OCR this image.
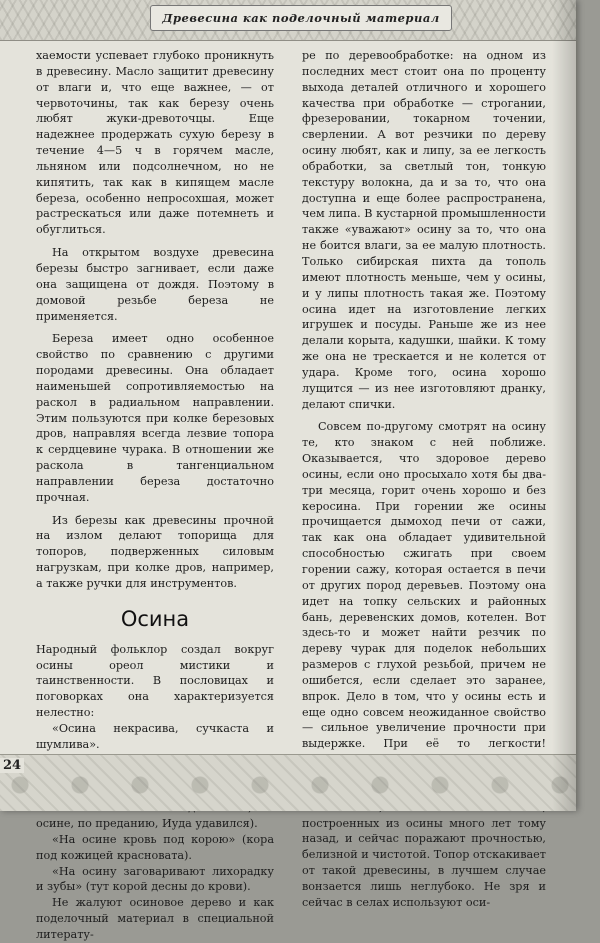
Древесина как поделочный материал

хаемости успевает глубоко проникнуть в древесину. Масло защитит древесину от влаги и, что еще важнее, — от червоточины, так как березу очень любят жуки-древоточцы. Еще надежнее продержать сухую березу в течение 4—5 ч в горячем масле, льняном или подсолнечном, но не кипятить, так как в кипящем масле береза, особенно непросохшая, может растрескаться или даже потемнеть и обуглиться.

На открытом воздухе древесина березы быстро загнивает, если даже она защищена от дождя. Поэтому в домовой резьбе береза не применяется.

Береза имеет одно особенное свойство по сравнению с другими породами древесины. Она обладает наименьшей сопротивляемостью на раскол в радиальном направлении. Этим пользуются при колке березовых дров, направляя всегда лезвие топора к сердцевине чурака. В отношении же раскола в тангенциальном направлении береза достаточно прочная.

Из березы как древесины прочной на излом делают топорища для топоров, подверженных силовым нагрузкам, при колке дров, например, а также ручки для инструментов.

Осина

Народный фольклор создал вокруг осины ореол мистики и таинственности. В пословицах и поговорках она характеризуется нелестно:

«Осина некрасива, сучкаста и шумлива».

осине, по преданию, Иуда удавился).

«На осине кровь под корою» (кора под кожицей красновата).

«На осину заговаривают лихорадку и зубы» (тут корой десны до крови).

Не жалуют осиновое дерево и как поделочный материал в специальной литерату-

ре по деревообработке: на одном из последних мест стоит она по проценту выхода деталей отличного и хорошего качества при обработке — строгании, фрезеровании, токарном точении, сверлении. А вот резчики по дереву осину любят, как и липу, за ее легкость обработки, за светлый тон, тонкую текстуру волокна, да и за то, что она доступна и еще более распространена, чем липа. В кустарной промышленности также «уважают» осину за то, что она не боится влаги, за ее малую плотность. Только сибирская пихта да тополь имеют плотность меньше, чем у осины, и у липы плотность такая же. Поэтому осина идет на изготовление легких игрушек и посуды. Раньше же из нее делали корыта, кадушки, шайки. К тому же она не трескается и не колется от удара. Кроме того, осина хорошо лущится — из нее изготовляют дранку, делают спички.

Совсем по-другому смотрят на осину те, кто знаком с ней поближе. Оказывается, что здоровое дерево осины, если оно просыхало хотя бы два-три месяца, горит очень хорошо и без керосина. При горении же осины прочищается дымоход печи от сажи, так как она обладает удивительной способностью сжигать при своем горении сажу, которая остается в печи от других пород деревьев. Поэтому она идет на топку сельских и районных бань, деревенских домов, котелен. Вот здесь-то и может найти резчик по дереву чурак для поделок небольших размеров с глухой резьбой, причем не ошибется, если сделает это заранее, впрок. Дело в том, что у осины есть и еще одно совсем неожиданное свойство — сильное увеличение прочности при выдержке. При её то легкости! построенных из осины много лет тому назад, и сейчас поражают прочностью, белизной и чистотой. Топор отскакивает от такой древесины, в лучшем случае вонзается лишь неглубоко. Не зря и сейчас в селах используют оси-

24
